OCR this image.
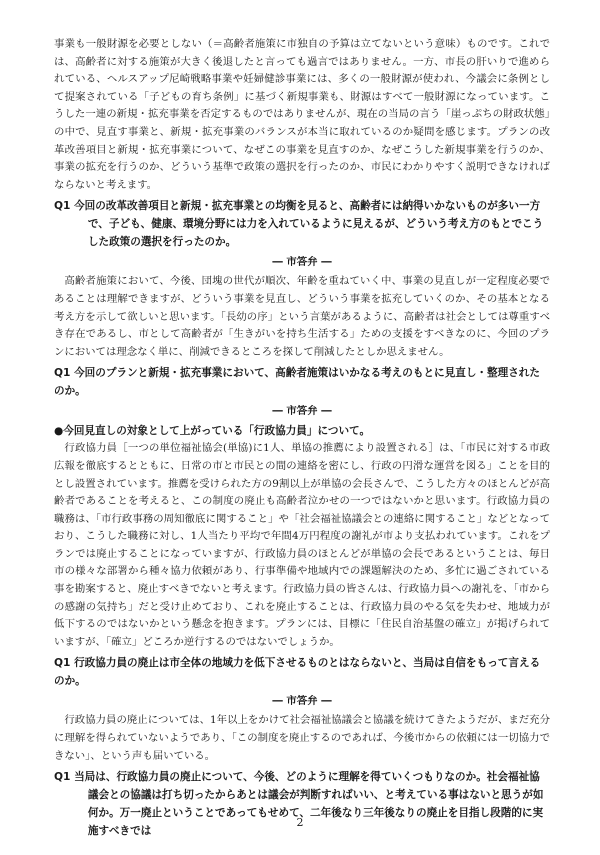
事業も一般財源を必要としない（＝高齢者施策に市独自の予算は立てないという意味）ものです。これでは、高齢者に対する施策が大きく後退したと言っても過言ではありません。一方、市長の肝いりで進められている、ヘルスアップ尼崎戦略事業や妊婦健診事業には、多くの一般財源が使われ、今議会に条例として提案されている「子どもの育ち条例」に基づく新規事業も、財源はすべて一般財源になっています。こうした一連の新規・拡充事業を否定するものではありませんが、現在の当局の言う「崖っぷちの財政状態」の中で、見直す事業と、新規・拡充事業のバランスが本当に取れているのか疑問を感じます。プランの改革改善項目と新規・拡充事業について、なぜこの事業を見直すのか、なぜこうした新規事業を行うのか、事業の拡充を行うのか、どういう基準で政策の選択を行ったのか、市民にわかりやすく説明できなければならないと考えます。

Q1 今回の改革改善項目と新規・拡充事業との均衡を見ると、高齢者には納得いかないものが多い一方で、子ども、健康、環境分野には力を入れているように見えるが、どういう考え方のもとでこうした政策の選択を行ったのか。

― 市答弁 ―

高齢者施策において、今後、団塊の世代が順次、年齢を重ねていく中、事業の見直しが一定程度必要であることは理解できますが、どういう事業を見直し、どういう事業を拡充していくのか、その基本となる考え方を示して欲しいと思います。「長幼の序」という言葉があるように、高齢者は社会としては尊重すべき存在であるし、市として高齢者が「生きがいを持ち生活する」ための支援をすべきなのに、今回のプランにおいては理念なく単に、削減できるところを探して削減したとしか思えません。

Q1 今回のプランと新規・拡充事業において、高齢者施策はいかなる考えのもとに見直し・整理されたのか。

― 市答弁 ―

●今回見直しの対象として上がっている「行政協力員」について。

行政協力員［一つの単位福祉協会(単協)に1人、単協の推薦により設置される］は、「市民に対する市政広報を徹底するとともに、日常の市と市民との間の連絡を密にし、行政の円滑な運営を図る」ことを目的とし設置されています。推薦を受けられた方の9割以上が単協の会長さんで、こうした方々のほとんどが高齢者であることを考えると、この制度の廃止も高齢者泣かせの一つではないかと思います。行政協力員の職務は、「市行政事務の周知徹底に関すること」や「社会福祉協議会との連絡に関すること」などとなっており、こうした職務に対し、1人当たり平均で年間4万円程度の謝礼が市より支払われています。これをプランでは廃止することになっていますが、行政協力員のほとんどが単協の会長であるということは、毎日市の様々な部署から種々協力依頼があり、行事準備や地域内での課題解決のため、多忙に過ごされている事を勘案すると、廃止すべきでないと考えます。行政協力員の皆さんは、行政協力員への謝礼を、「市からの感謝の気持ち」だと受け止めており、これを廃止することは、行政協力員のやる気を失わせ、地域力が低下するのではないかという懸念を抱きます。プランには、目標に「住民自治基盤の確立」が掲げられていますが、「確立」どころか逆行するのではないでしょうか。

Q1 行政協力員の廃止は市全体の地域力を低下させるものとはならないと、当局は自信をもって言えるのか。

― 市答弁 ―

行政協力員の廃止については、1年以上をかけて社会福祉協議会と協議を続けてきたようだが、まだ充分に理解を得られていないようであり、「この制度を廃止するのであれば、今後市からの依頼には一切協力できない」、という声も届いている。

Q1 当局は、行政協力員の廃止について、今後、どのように理解を得ていくつもりなのか。社会福祉協議会との協議は打ち切ったからあとは議会が判断すればいい、と考えている事はないと思うが如何か。万一廃止ということであってもせめて、二年後なり三年後なりの廃止を目指し段階的に実施すべきでは

2
